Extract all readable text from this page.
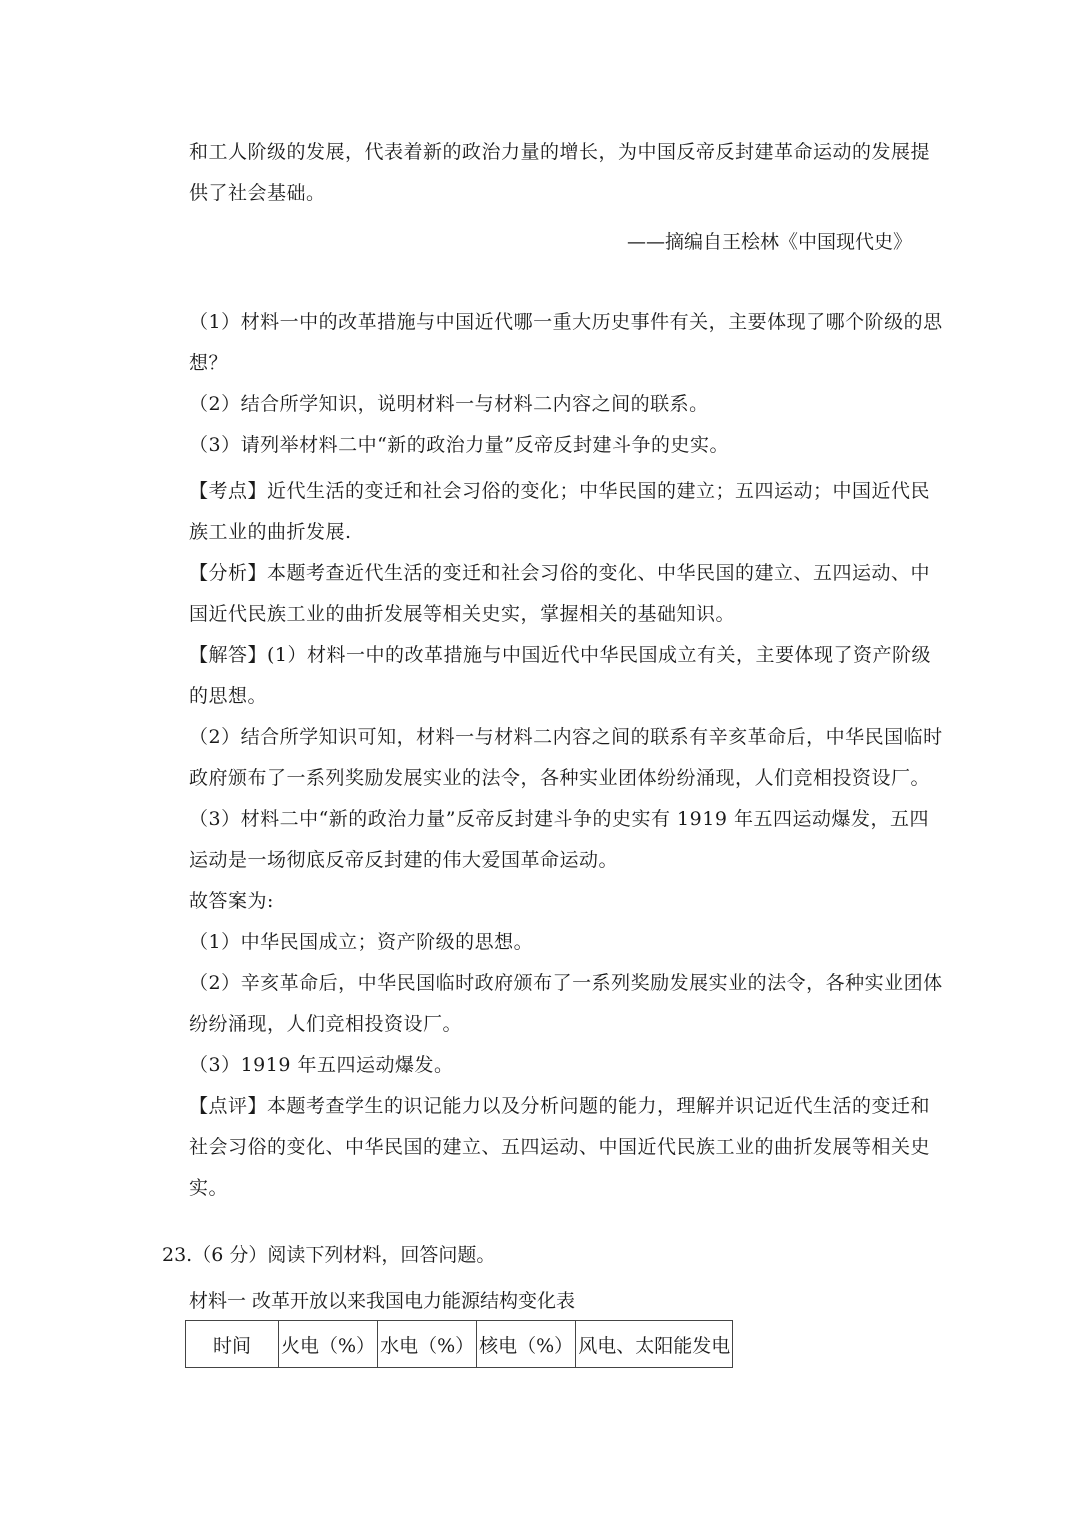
和工人阶级的发展，代表着新的政治力量的增长，为中国反帝反封建革命运动的发展提
供了社会基础。
——摘编自王桧林《中国现代史》
（1）材料一中的改革措施与中国近代哪一重大历史事件有关，主要体现了哪个阶级的思
想？
（2）结合所学知识，说明材料一与材料二内容之间的联系。
（3）请列举材料二中“新的政治力量”反帝反封建斗争的史实。
【考点】近代生活的变迁和社会习俗的变化；中华民国的建立；五四运动；中国近代民
族工业的曲折发展.
【分析】本题考查近代生活的变迁和社会习俗的变化、中华民国的建立、五四运动、中
国近代民族工业的曲折发展等相关史实，掌握相关的基础知识。
【解答】(1）材料一中的改革措施与中国近代中华民国成立有关，主要体现了资产阶级
的思想。
（2）结合所学知识可知，材料一与材料二内容之间的联系有辛亥革命后，中华民国临时
政府颁布了一系列奖励发展实业的法令，各种实业团体纷纷涌现，人们竞相投资设厂。
（3）材料二中“新的政治力量”反帝反封建斗争的史实有 1919 年五四运动爆发，五四
运动是一场彻底反帝反封建的伟大爱国革命运动。
故答案为:
（1）中华民国成立；资产阶级的思想。
（2）辛亥革命后，中华民国临时政府颁布了一系列奖励发展实业的法令，各种实业团体
纷纷涌现，人们竞相投资设厂。
（3）1919 年五四运动爆发。
【点评】本题考查学生的识记能力以及分析问题的能力，理解并识记近代生活的变迁和
社会习俗的变化、中华民国的建立、五四运动、中国近代民族工业的曲折发展等相关史
实。
23.（6 分）阅读下列材料，回答问题。
材料一 改革开放以来我国电力能源结构变化表
时间	火电（%）	水电（%）	核电（%）	风电、太阳能发电
